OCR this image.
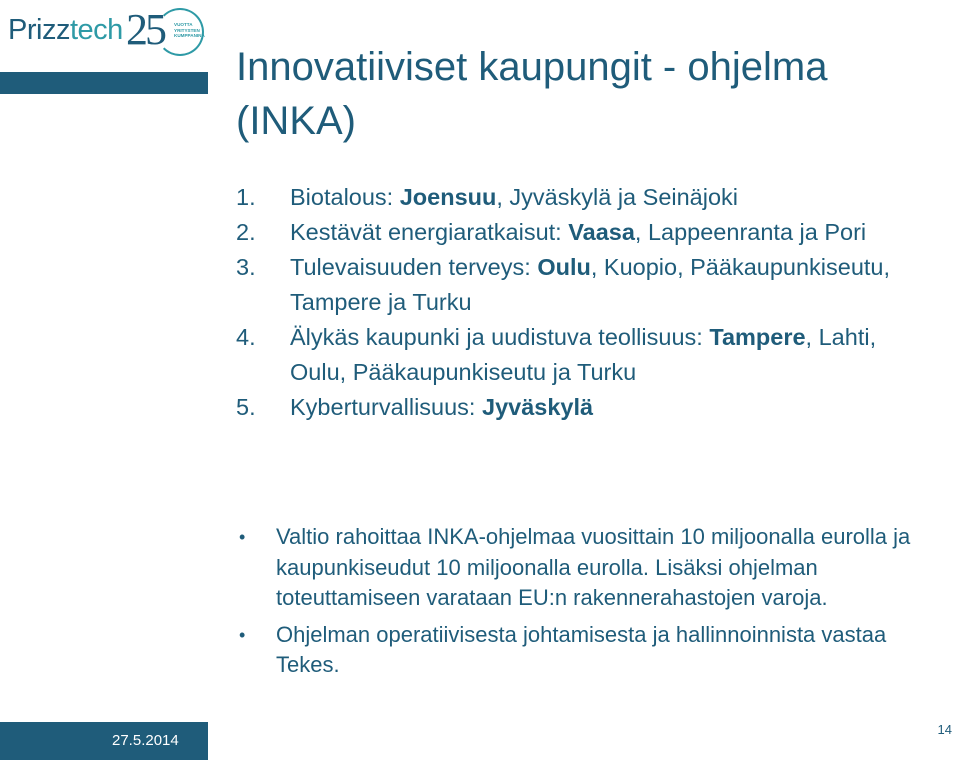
Prizztech 25 VUOTTA
YRITYSTEN
KUMPPANINA
Innovatiiviset kaupungit - ohjelma (INKA)
1. Biotalous: Joensuu, Jyväskylä ja Seinäjoki
2. Kestävät energiaratkaisut: Vaasa, Lappeenranta ja Pori
3. Tulevaisuuden terveys: Oulu, Kuopio, Pääkaupunkiseutu, Tampere ja Turku
4. Älykäs kaupunki ja uudistuva teollisuus: Tampere, Lahti, Oulu, Pääkaupunkiseutu ja Turku
5. Kyberturvallisuus: Jyväskylä
• Valtio rahoittaa INKA-ohjelmaa vuosittain 10 miljoonalla eurolla ja kaupunkiseudut 10 miljoonalla eurolla. Lisäksi ohjelman toteuttamiseen varataan EU:n rakennerahastojen varoja.
• Ohjelman operatiivisesta johtamisesta ja hallinnoinnista vastaa Tekes.
27.5.2014
14
